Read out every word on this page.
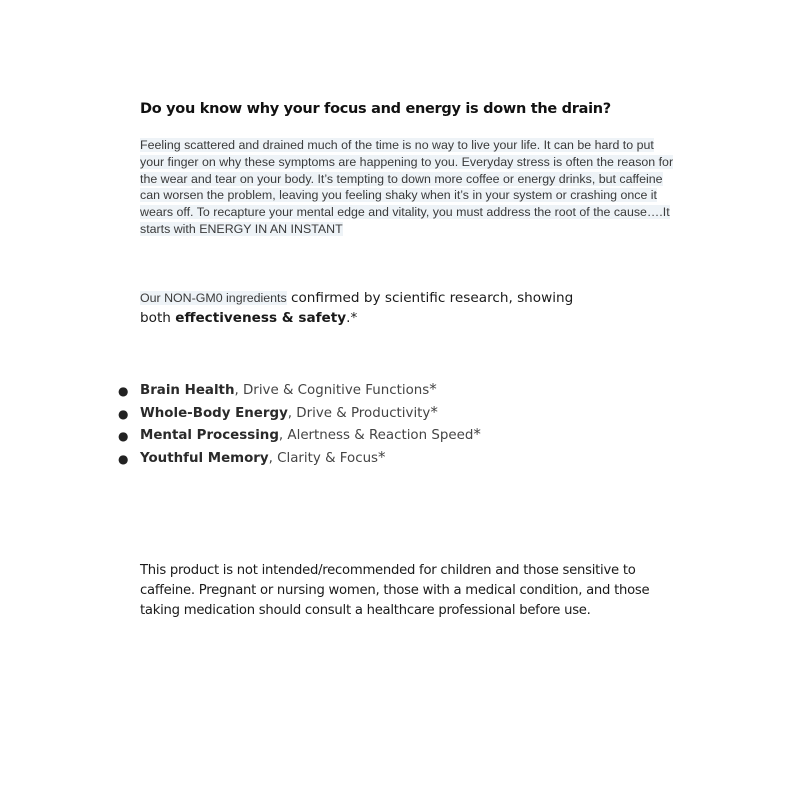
Do you know why your focus and energy is down the drain?

Feeling scattered and drained much of the time is no way to live your life. It can be hard to put your finger on why these symptoms are happening to you. Everyday stress is often the reason for the wear and tear on your body. It’s tempting to down more coffee or energy drinks, but caffeine can worsen the problem, leaving you feeling shaky when it’s in your system or crashing once it wears off. To recapture your mental edge and vitality, you must address the root of the cause….It starts with ENERGY IN AN INSTANT

Our NON-GM0 ingredients confirmed by scientific research, showing both effectiveness & safety.*

● Brain Health, Drive & Cognitive Functions*
● Whole-Body Energy, Drive & Productivity*
● Mental Processing, Alertness & Reaction Speed*
● Youthful Memory, Clarity & Focus*

This product is not intended/recommended for children and those sensitive to caffeine. Pregnant or nursing women, those with a medical condition, and those taking medication should consult a healthcare professional before use.
